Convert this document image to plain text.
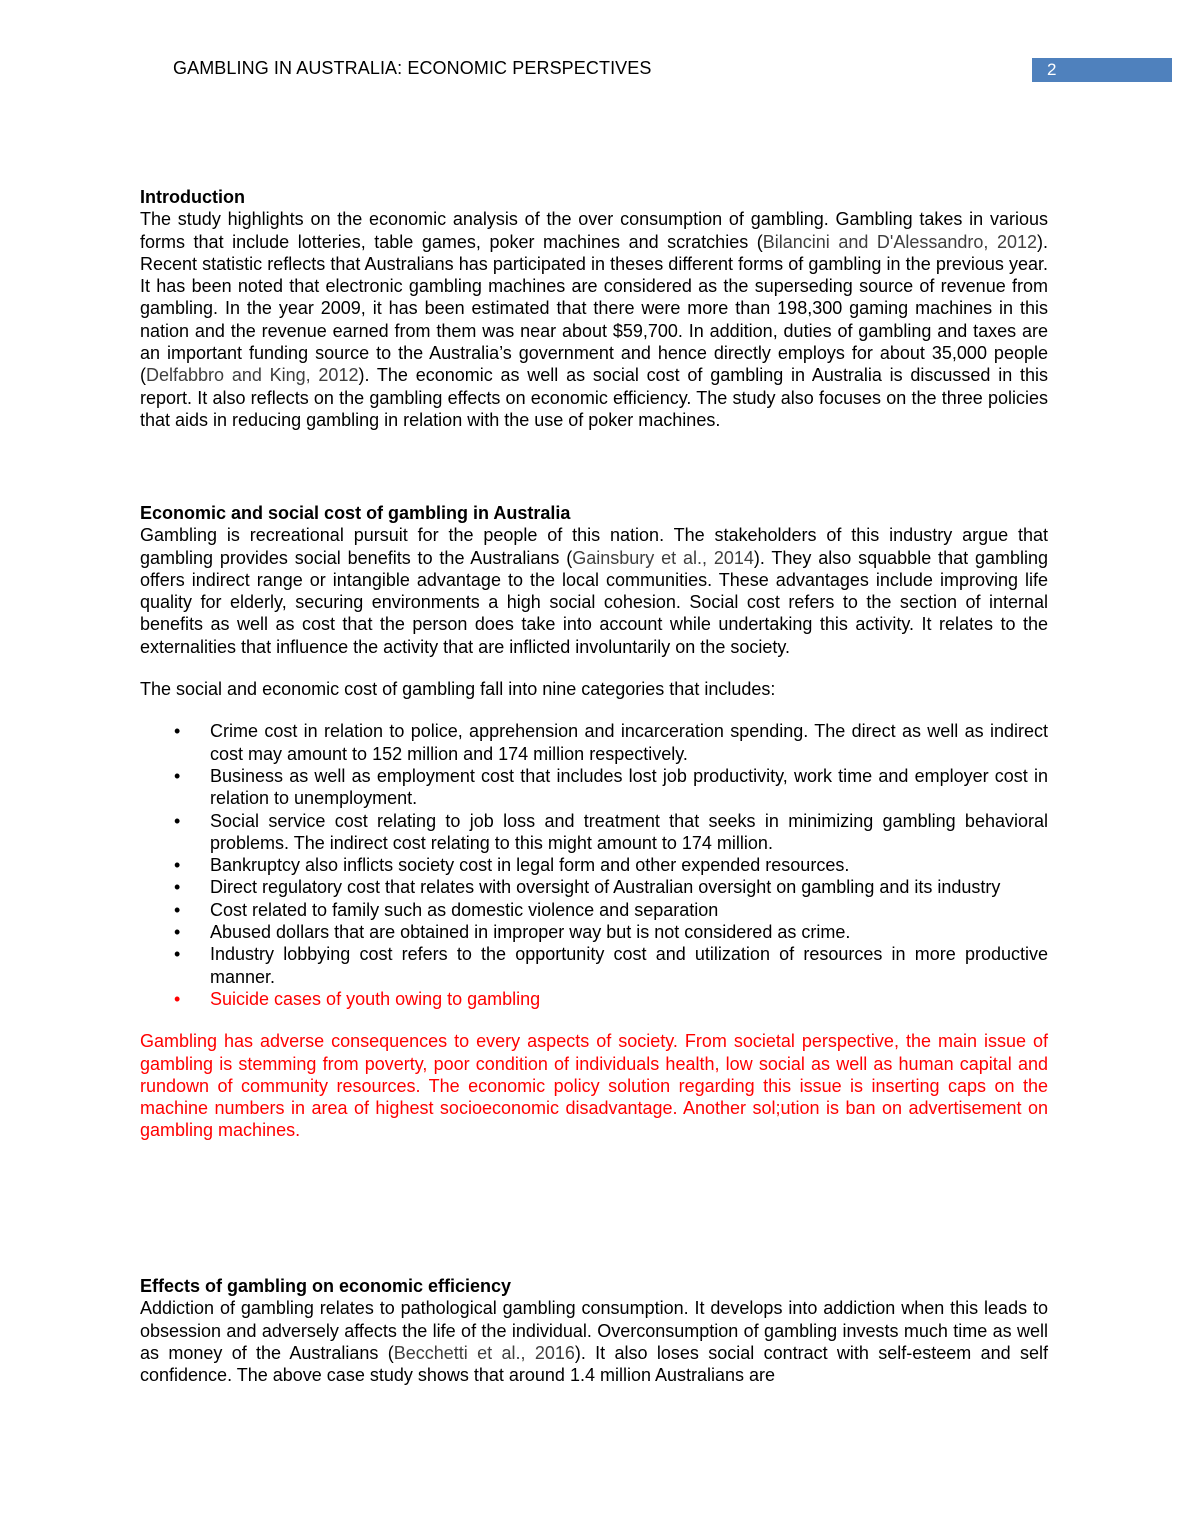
GAMBLING IN AUSTRALIA: ECONOMIC PERSPECTIVES	2
Introduction

The study highlights on the economic analysis of the over consumption of gambling. Gambling takes in various forms that include lotteries, table games, poker machines and scratchies (Bilancini and D'Alessandro, 2012). Recent statistic reflects that Australians has participated in theses different forms of gambling in the previous year. It has been noted that electronic gambling machines are considered as the superseding source of revenue from gambling. In the year 2009, it has been estimated that there were more than 198,300 gaming machines in this nation and the revenue earned from them was near about $59,700. In addition, duties of gambling and taxes are an important funding source to the Australia’s government and hence directly employs for about 35,000 people (Delfabbro and King, 2012). The economic as well as social cost of gambling in Australia is discussed in this report. It also reflects on the gambling effects on economic efficiency. The study also focuses on the three policies that aids in reducing gambling in relation with the use of poker machines.

Economic and social cost of gambling in Australia

Gambling is recreational pursuit for the people of this nation. The stakeholders of this industry argue that gambling provides social benefits to the Australians (Gainsbury et al., 2014). They also squabble that gambling offers indirect range or intangible advantage to the local communities. These advantages include improving life quality for elderly, securing environments a high social cohesion. Social cost refers to the section of internal benefits as well as cost that the person does take into account while undertaking this activity. It relates to the externalities that influence the activity that are inflicted involuntarily on the society.

The social and economic cost of gambling fall into nine categories that includes:

• Crime cost in relation to police, apprehension and incarceration spending. The direct as well as indirect cost may amount to 152 million and 174 million respectively.
• Business as well as employment cost that includes lost job productivity, work time and employer cost in relation to unemployment.
• Social service cost relating to job loss and treatment that seeks in minimizing gambling behavioral problems. The indirect cost relating to this might amount to 174 million.
• Bankruptcy also inflicts society cost in legal form and other expended resources.
• Direct regulatory cost that relates with oversight of Australian oversight on gambling and its industry
• Cost related to family such as domestic violence and separation
• Abused dollars that are obtained in improper way but is not considered as crime.
• Industry lobbying cost refers to the opportunity cost and utilization of resources in more productive manner.
• Suicide cases of youth owing to gambling

Gambling has adverse consequences to every aspects of society. From societal perspective, the main issue of gambling is stemming from poverty, poor condition of individuals health, low social as well as human capital and rundown of community resources. The economic policy solution regarding this issue is inserting caps on the machine numbers in area of highest socioeconomic disadvantage. Another sol;ution is ban on advertisement on gambling machines.

Effects of gambling on economic efficiency

Addiction of gambling relates to pathological gambling consumption. It develops into addiction when this leads to obsession and adversely affects the life of the individual. Overconsumption of gambling invests much time as well as money of the Australians (Becchetti et al., 2016). It also loses social contract with self-esteem and self confidence. The above case study shows that around 1.4 million Australians are
